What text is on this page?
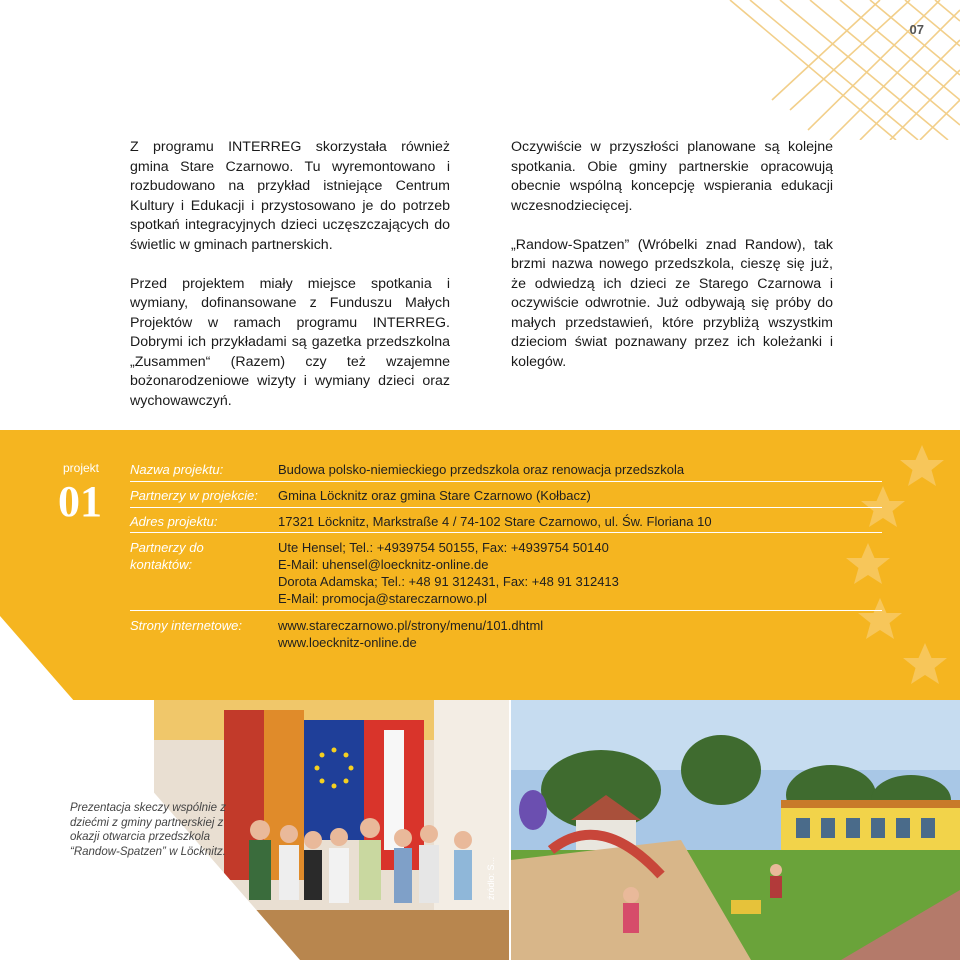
07

Z programu INTERREG skorzystała również gmina Stare Czarnowo. Tu wyremontowano i rozbudowano na przykład istniejące Centrum Kultury i Edukacji i przystosowano je do potrzeb spotkań integracyjnych dzieci uczęszczających do świetlic w gminach partnerskich.

Przed projektem miały miejsce spotkania i wymiany, dofinansowane z Funduszu Małych Projektów w ramach programu INTERREG. Dobrymi ich przykładami są gazetka przedszkolna „Zusammen“ (Razem) czy też wzajemne bożonarodzeniowe wizyty i wymiany dzieci oraz wychowawczyń.

Oczywiście w przyszłości planowane są kolejne spotkania. Obie gminy partnerskie opracowują obecnie wspólną koncepcję wspierania edukacji wczesnodziecięcej.

„Randow-Spatzen” (Wróbelki znad Randow), tak brzmi nazwa nowego przedszkola, cieszę się już, że odwiedzą ich dzieci ze Starego Czarnowa i oczywiście odwrotnie. Już odbywają się próby do małych przedstawień, które przybliżą wszystkim dzieciom świat poznawany przez ich koleżanki i kolegów.

projekt
01
Nazwa projektu:	Budowa polsko-niemieckiego przedszkola oraz renowacja przedszkola
Partnerzy w projekcie:	Gmina Löcknitz oraz gmina Stare Czarnowo (Kołbacz)
Adres projektu:	17321 Löcknitz, Markstraße 4 / 74-102 Stare Czarnowo, ul. Św. Floriana 10
Partnerzy do kontaktów:
Ute Hensel; Tel.: +4939754 50155, Fax: +4939754 50140
E-Mail: uhensel@loecknitz-online.de
Dorota Adamska; Tel.: +48 91 312431, Fax: +48 91 312413
E-Mail: promocja@stareczarnowo.pl
Strony internetowe:	www.stareczarnowo.pl/strony/menu/101.dhtml
www.loecknitz-online.de
źródło: S...
Prezentacja skeczy wspólnie z dziećmi z gminy partnerskiej z okazji otwarcia przedszkola “Randow-Spatzen” w Löcknitz.
